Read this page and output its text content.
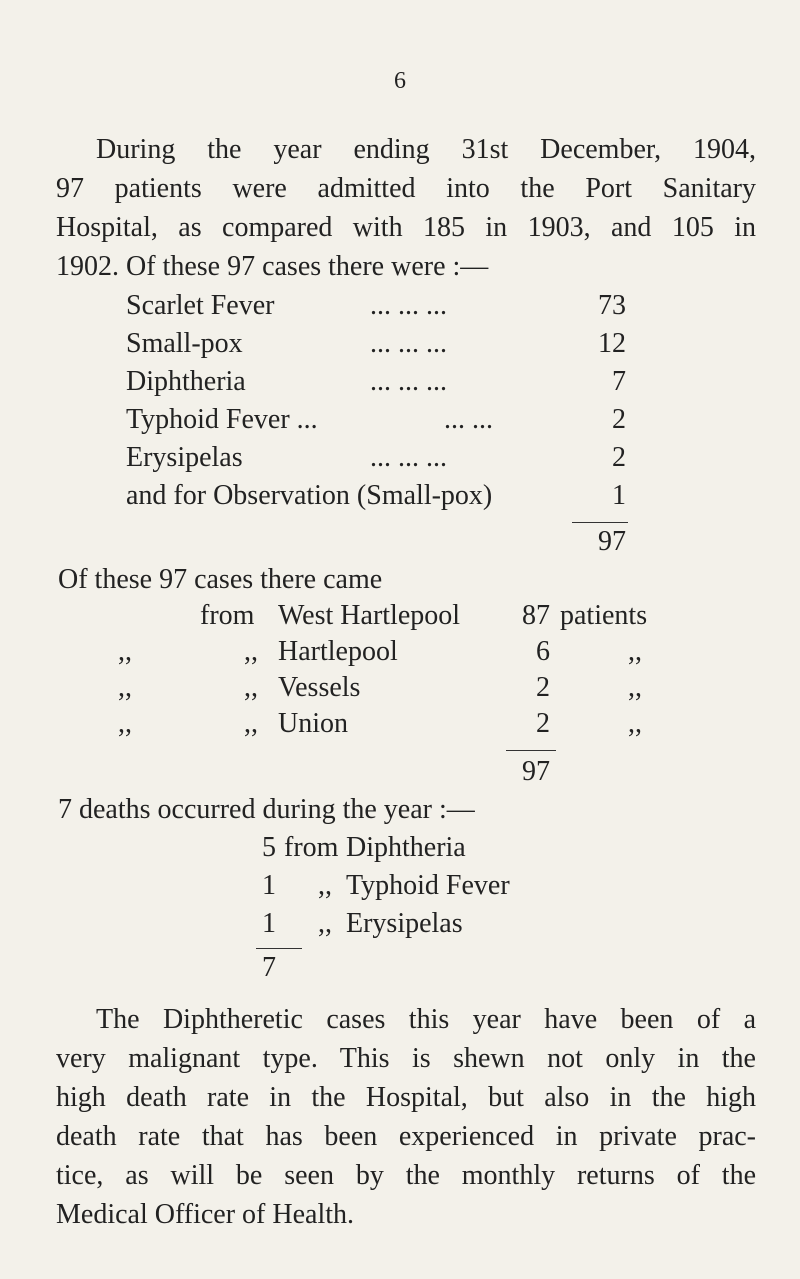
6
During the year ending 31st December, 1904,
97 patients were admitted into the Port Sanitary
Hospital, as compared with 185 in 1903, and 105 in
1902. Of these 97 cases there were :—
Scarlet Fever	... ... ...	73
Small-pox	... ... ...	12
Diphtheria	... ... ...	7
Typhoid Fever ...	... ...	2
Erysipelas	... ... ...	2
and for Observation (Small-pox)	1
97
Of these 97 cases there came
from West Hartlepool	87 patients
,,	,, Hartlepool	6	,,
,,	,, Vessels	2	,,
,,	,, Union	2	,,
97
7 deaths occurred during the year :—
5 from Diphtheria
1 ,, Typhoid Fever
1 ,, Erysipelas
7
The Diphtheretic cases this year have been of a
very malignant type. This is shewn not only in the
high death rate in the Hospital, but also in the high
death rate that has been experienced in private prac-
tice, as will be seen by the monthly returns of the
Medical Officer of Health.
